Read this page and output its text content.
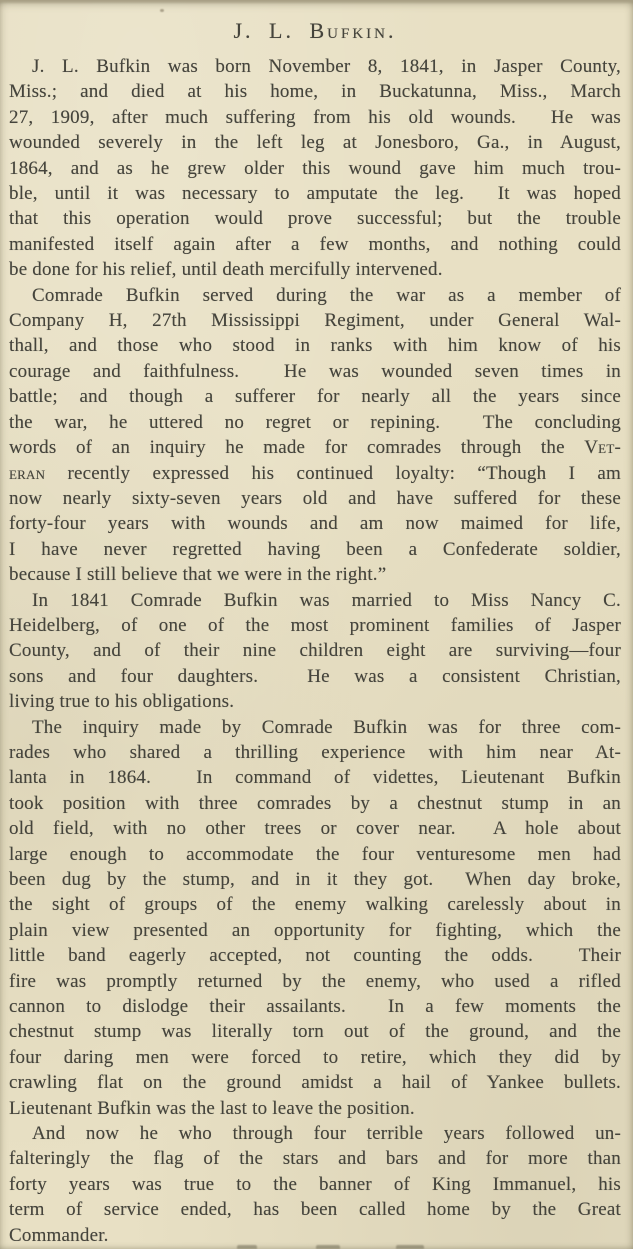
J. L. Bufkin.
J. L. Bufkin was born November 8, 1841, in Jasper County,
Miss.; and died at his home, in Buckatunna, Miss., March
27, 1909, after much suffering from his old wounds.  He was
wounded severely in the left leg at Jonesboro, Ga., in August,
1864, and as he grew older this wound gave him much trou-
ble, until it was necessary to amputate the leg.  It was hoped
that this operation would prove successful; but the trouble
manifested itself again after a few months, and nothing could
be done for his relief, until death mercifully intervened.
Comrade Bufkin served during the war as a member of
Company H, 27th Mississippi Regiment, under General Wal-
thall, and those who stood in ranks with him know of his
courage and faithfulness.  He was wounded seven times in
battle; and though a sufferer for nearly all the years since
the war, he uttered no regret or repining.  The concluding
words of an inquiry he made for comrades through the Vet-
eran recently expressed his continued loyalty: “Though I am
now nearly sixty-seven years old and have suffered for these
forty-four years with wounds and am now maimed for life,
I have never regretted having been a Confederate soldier,
because I still believe that we were in the right.”
In 1841 Comrade Bufkin was married to Miss Nancy C.
Heidelberg, of one of the most prominent families of Jasper
County, and of their nine children eight are surviving—four
sons and four daughters.  He was a consistent Christian,
living true to his obligations.
The inquiry made by Comrade Bufkin was for three com-
rades who shared a thrilling experience with him near At-
lanta in 1864.  In command of videttes, Lieutenant Bufkin
took position with three comrades by a chestnut stump in an
old field, with no other trees or cover near.  A hole about
large enough to accommodate the four venturesome men had
been dug by the stump, and in it they got.  When day broke,
the sight of groups of the enemy walking carelessly about in
plain view presented an opportunity for fighting, which the
little band eagerly accepted, not counting the odds.  Their
fire was promptly returned by the enemy, who used a rifled
cannon to dislodge their assailants.  In a few moments the
chestnut stump was literally torn out of the ground, and the
four daring men were forced to retire, which they did by
crawling flat on the ground amidst a hail of Yankee bullets.
Lieutenant Bufkin was the last to leave the position.
And now he who through four terrible years followed un-
falteringly the flag of the stars and bars and for more than
forty years was true to the banner of King Immanuel, his
term of service ended, has been called home by the Great
Commander.
